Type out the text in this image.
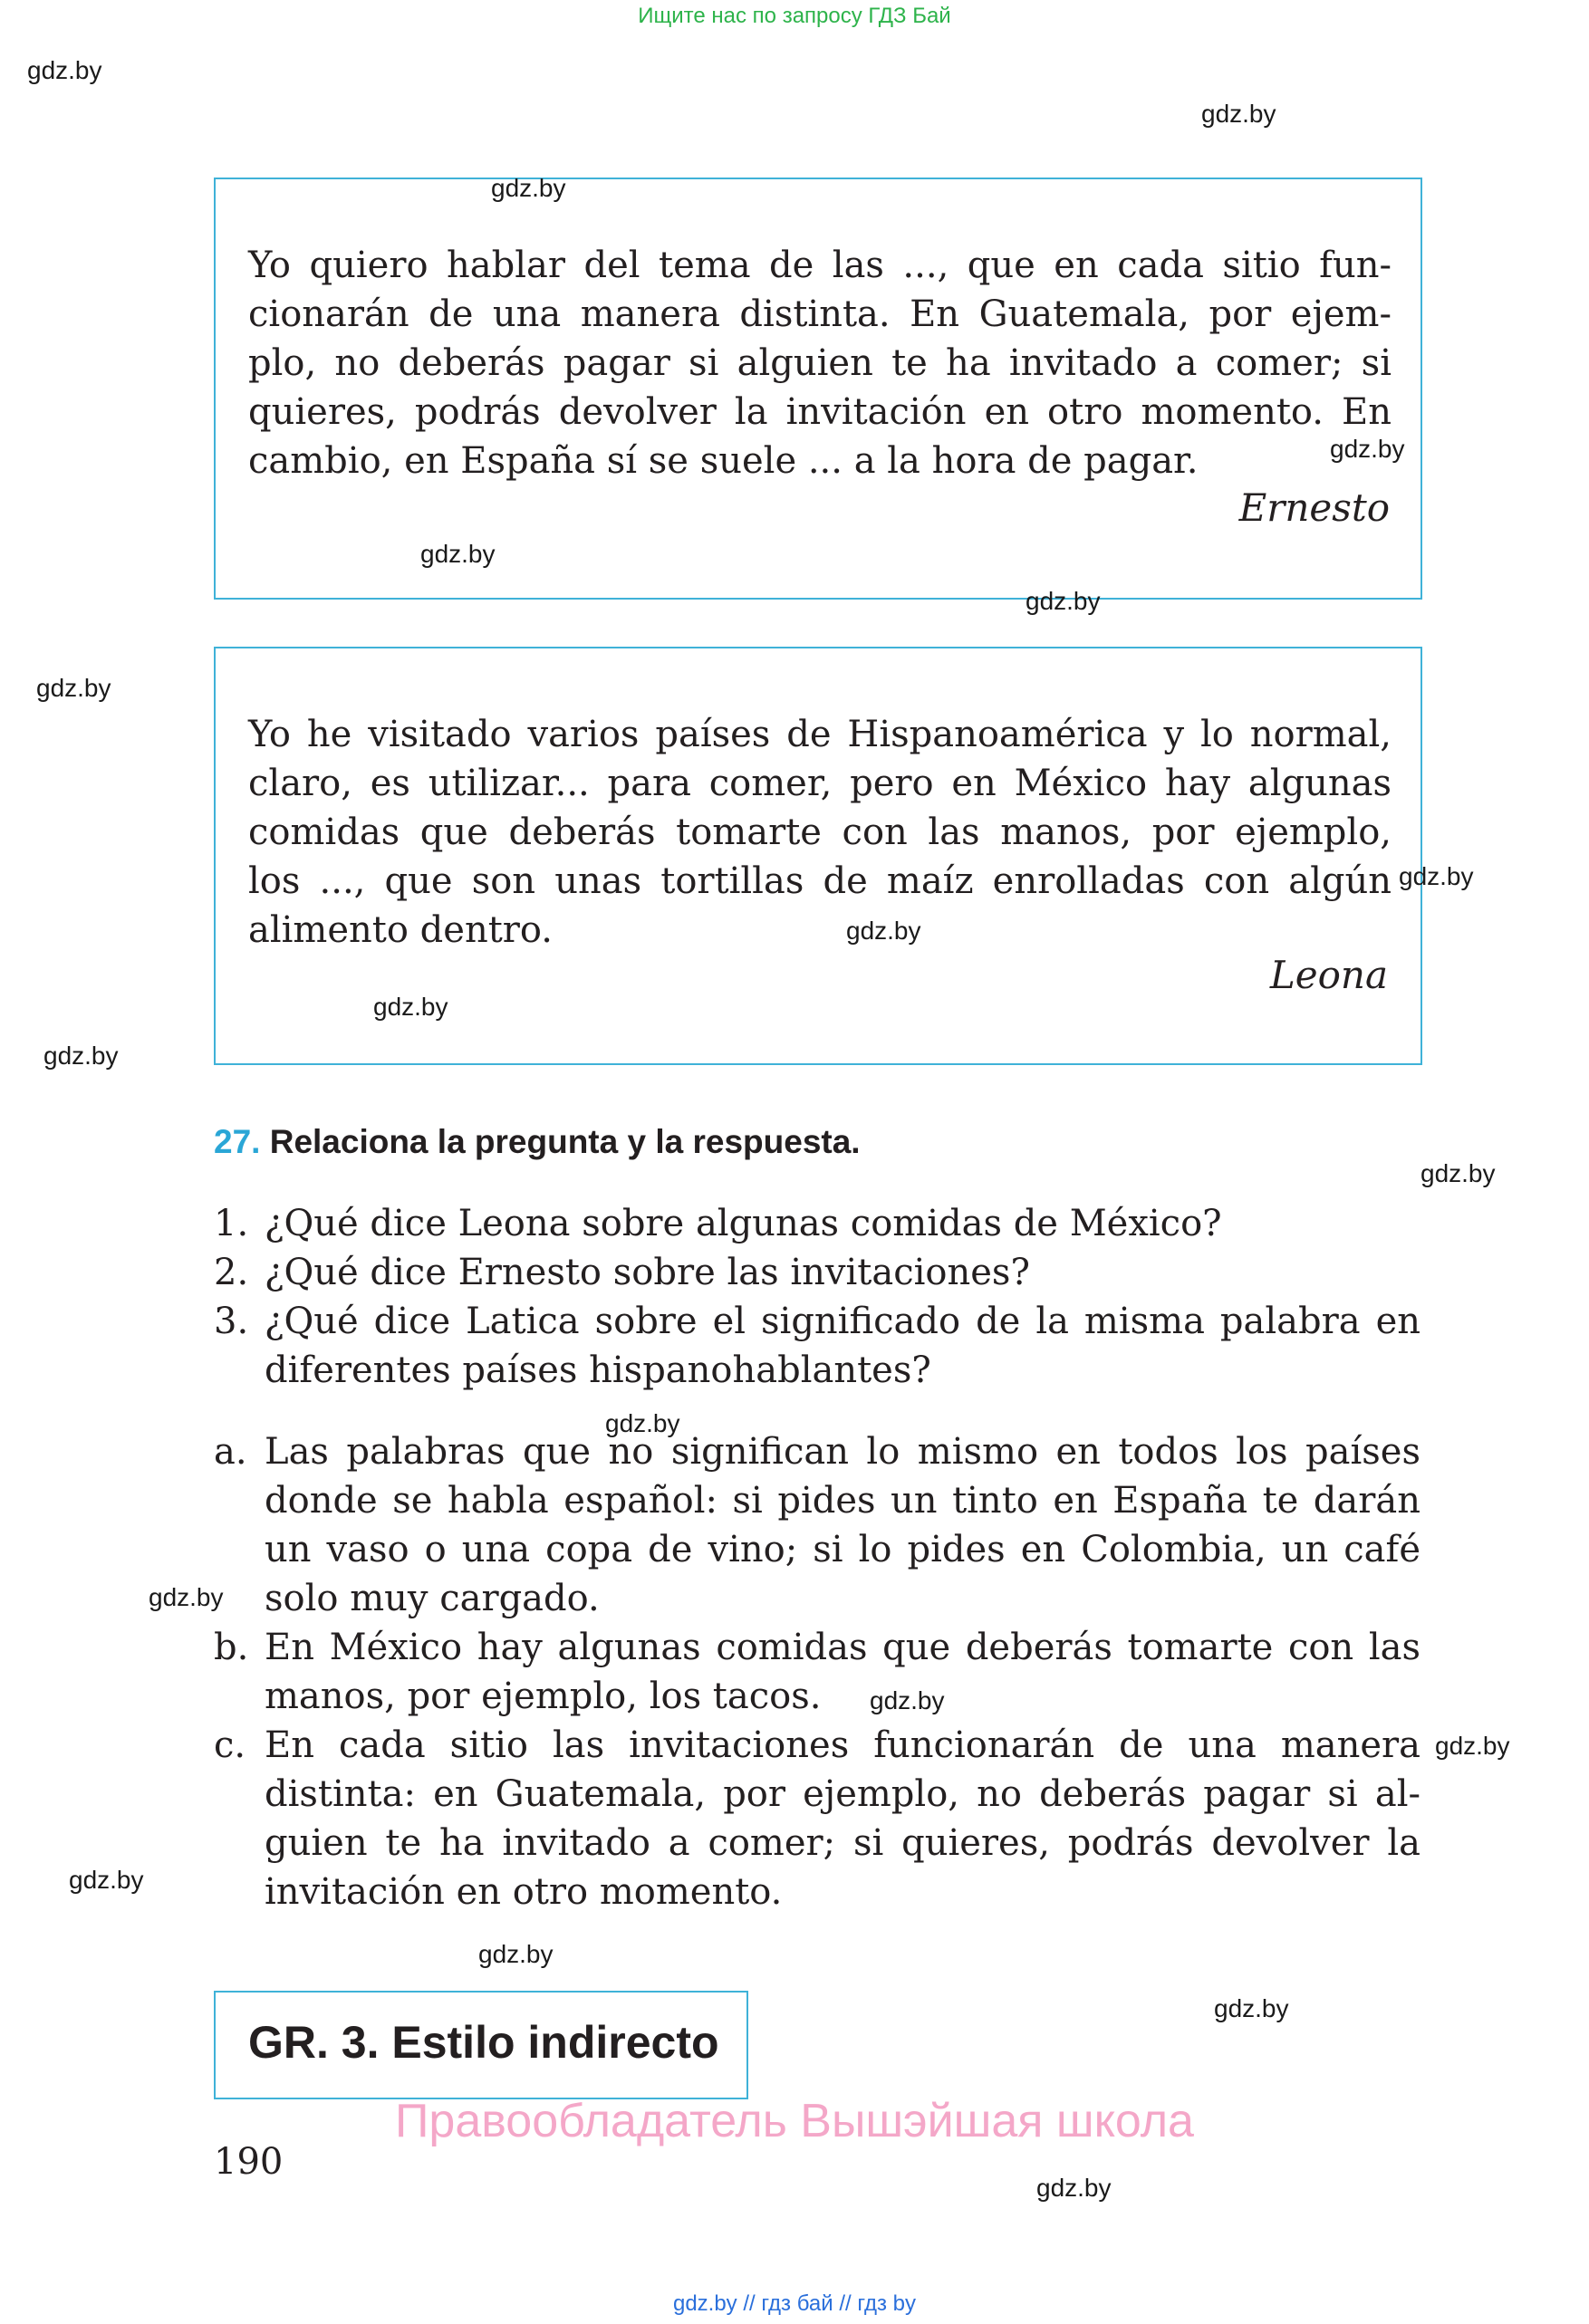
Ищите нас по запросу ГДЗ Бай
Yo quiero hablar del tema de las ..., que en cada sitio fun-
cionarán de una manera distinta. En Guatemala, por ejem-
plo, no deberás pagar si alguien te ha invitado a comer; si
quieres, podrás devolver la invitación en otro momento. En
cambio, en España sí se suele ... a la hora de pagar.
Ernesto
Yo he visitado varios países de Hispanoamérica y lo normal,
claro, es utilizar... para comer, pero en México hay algunas
comidas que deberás tomarte con las manos, por ejemplo,
los ..., que son unas tortillas de maíz enrolladas con algún
alimento dentro.
Leona
27. Relaciona la pregunta y la respuesta.
1. ¿Qué dice Leona sobre algunas comidas de México?
2. ¿Qué dice Ernesto sobre las invitaciones?
3. ¿Qué dice Latica sobre el significado de la misma palabra en
diferentes países hispanohablantes?
a. Las palabras que no significan lo mismo en todos los países
donde se habla español: si pides un tinto en España te darán
un vaso o una copa de vino; si lo pides en Colombia, un café
solo muy cargado.
b. En México hay algunas comidas que deberás tomarte con las
manos, por ejemplo, los tacos.
c. En cada sitio las invitaciones funcionarán de una manera
distinta: en Guatemala, por ejemplo, no deberás pagar si al-
guien te ha invitado a comer; si quieres, podrás devolver la
invitación en otro momento.
GR. 3. Estilo indirecto
Правообладатель Вышэйшая школа
190
gdz.by
gdz.by
gdz.by
gdz.by
gdz.by
gdz.by
gdz.by
gdz.by
gdz.by
gdz.by
gdz.by
gdz.by
gdz.by
gdz.by
gdz.by
gdz.by
gdz.by
gdz.by
gdz.by
gdz.by
gdz.by // гдз бай // гдз by
